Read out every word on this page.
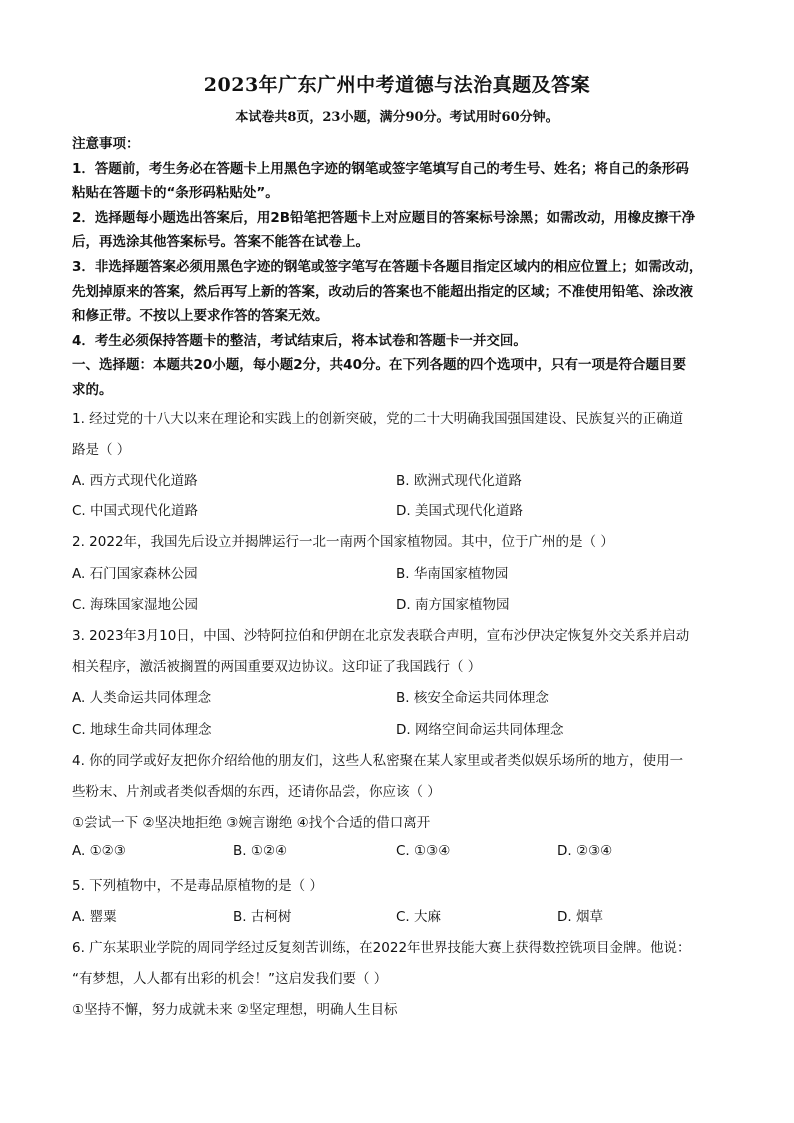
2023年广东广州中考道德与法治真题及答案
本试卷共8页，23小题，满分90分。考试用时60分钟。
注意事项：
1．答题前，考生务必在答题卡上用黑色字迹的钢笔或签字笔填写自己的考生号、姓名；将自己的条形码
粘贴在答题卡的“条形码粘贴处”。
2．选择题每小题选出答案后，用2B铅笔把答题卡上对应题目的答案标号涂黑；如需改动，用橡皮擦干净
后，再选涂其他答案标号。答案不能答在试卷上。
3．非选择题答案必须用黑色字迹的钢笔或签字笔写在答题卡各题目指定区域内的相应位置上；如需改动，
先划掉原来的答案，然后再写上新的答案，改动后的答案也不能超出指定的区域；不准使用铅笔、涂改液
和修正带。不按以上要求作答的答案无效。
4．考生必须保持答题卡的整洁，考试结束后，将本试卷和答题卡一并交回。
一、选择题：本题共20小题，每小题2分，共40分。在下列各题的四个选项中，只有一项是符合题目要
求的。
1. 经过党的十八大以来在理论和实践上的创新突破，党的二十大明确我国强国建设、民族复兴的正确道
路是（ ）
A. 西方式现代化道路	B. 欧洲式现代化道路
C. 中国式现代化道路	D. 美国式现代化道路
2. 2022年，我国先后设立并揭牌运行一北一南两个国家植物园。其中，位于广州的是（ ）
A. 石门国家森林公园	B. 华南国家植物园
C. 海珠国家湿地公园	D. 南方国家植物园
3. 2023年3月10日，中国、沙特阿拉伯和伊朗在北京发表联合声明，宣布沙伊决定恢复外交关系并启动
相关程序，激活被搁置的两国重要双边协议。这印证了我国践行（ ）
A. 人类命运共同体理念	B. 核安全命运共同体理念
C. 地球生命共同体理念	D. 网络空间命运共同体理念
4. 你的同学或好友把你介绍给他的朋友们，这些人私密聚在某人家里或者类似娱乐场所的地方，使用一
些粉末、片剂或者类似香烟的东西，还请你品尝，你应该（ ）
①尝试一下 ②坚决地拒绝 ③婉言谢绝 ④找个合适的借口离开
A. ①②③	B. ①②④	C. ①③④	D. ②③④
5. 下列植物中，不是毒品原植物的是（ ）
A. 罂粟	B. 古柯树	C. 大麻	D. 烟草
6. 广东某职业学院的周同学经过反复刻苦训练，在2022年世界技能大赛上获得数控铣项目金牌。他说：
“有梦想，人人都有出彩的机会！”这启发我们要（ ）
①坚持不懈，努力成就未来 ②坚定理想，明确人生目标
